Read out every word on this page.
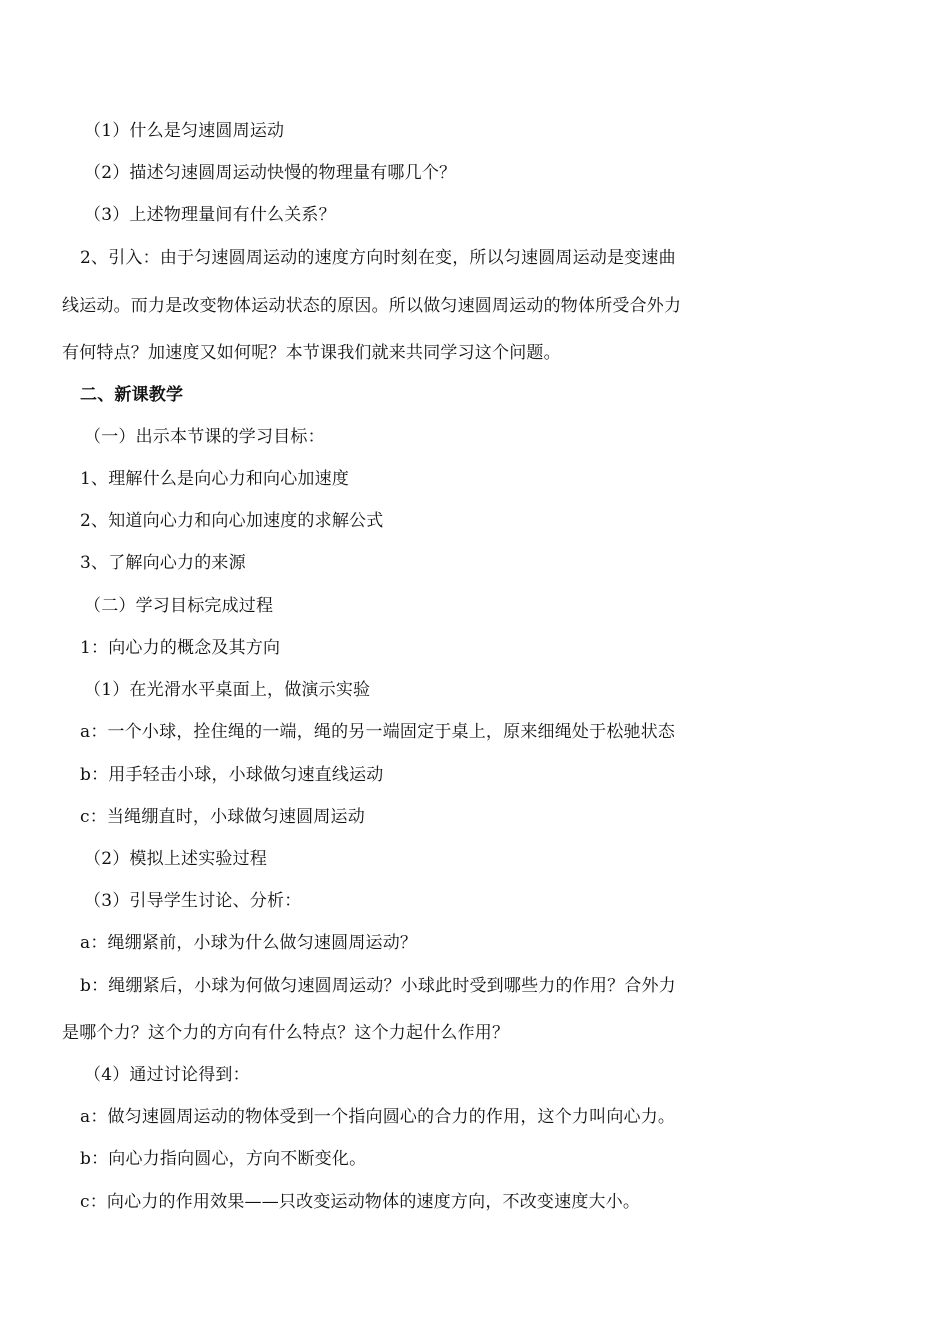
（1）什么是匀速圆周运动
（2）描述匀速圆周运动快慢的物理量有哪几个？
（3）上述物理量间有什么关系？
2、引入：由于匀速圆周运动的速度方向时刻在变，所以匀速圆周运动是变速曲
线运动。而力是改变物体运动状态的原因。所以做匀速圆周运动的物体所受合外力
有何特点？加速度又如何呢？本节课我们就来共同学习这个问题。
二、新课教学
（一）出示本节课的学习目标：
1、理解什么是向心力和向心加速度
2、知道向心力和向心加速度的求解公式
3、了解向心力的来源
（二）学习目标完成过程
1：向心力的概念及其方向
（1）在光滑水平桌面上，做演示实验
a：一个小球，拴住绳的一端，绳的另一端固定于桌上，原来细绳处于松驰状态
b：用手轻击小球，小球做匀速直线运动
c：当绳绷直时，小球做匀速圆周运动
（2）模拟上述实验过程
（3）引导学生讨论、分析：
a：绳绷紧前，小球为什么做匀速圆周运动？
b：绳绷紧后，小球为何做匀速圆周运动？小球此时受到哪些力的作用？合外力
是哪个力？这个力的方向有什么特点？这个力起什么作用？
（4）通过讨论得到：
a：做匀速圆周运动的物体受到一个指向圆心的合力的作用，这个力叫向心力。
b：向心力指向圆心，方向不断变化。
c：向心力的作用效果——只改变运动物体的速度方向，不改变速度大小。
